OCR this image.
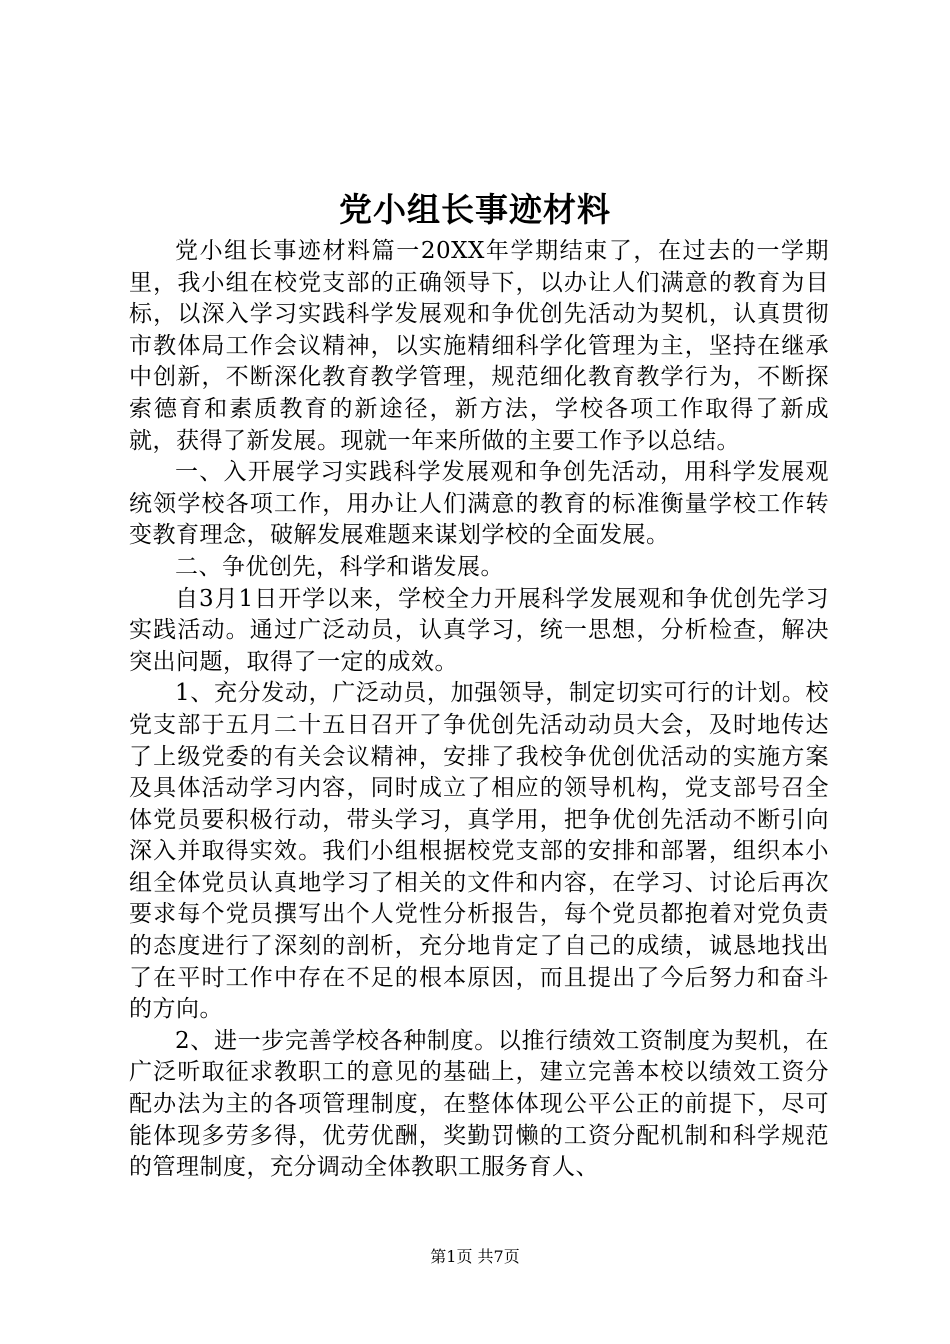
党小组长事迹材料

党小组长事迹材料篇一20XX年学期结束了，在过去的一学期里，我小组在校党支部的正确领导下，以办让人们满意的教育为目标，以深入学习实践科学发展观和争优创先活动为契机，认真贯彻市教体局工作会议精神，以实施精细科学化管理为主，坚持在继承中创新，不断深化教育教学管理，规范细化教育教学行为，不断探索德育和素质教育的新途径，新方法，学校各项工作取得了新成就，获得了新发展。现就一年来所做的主要工作予以总结。

一、入开展学习实践科学发展观和争创先活动，用科学发展观统领学校各项工作，用办让人们满意的教育的标准衡量学校工作转变教育理念，破解发展难题来谋划学校的全面发展。

二、争优创先，科学和谐发展。

自3月1日开学以来，学校全力开展科学发展观和争优创先学习实践活动。通过广泛动员，认真学习，统一思想，分析检查，解决突出问题，取得了一定的成效。

1、充分发动，广泛动员，加强领导，制定切实可行的计划。校党支部于五月二十五日召开了争优创先活动动员大会，及时地传达了上级党委的有关会议精神，安排了我校争优创优活动的实施方案及具体活动学习内容，同时成立了相应的领导机构，党支部号召全体党员要积极行动，带头学习，真学用，把争优创先活动不断引向深入并取得实效。我们小组根据校党支部的安排和部署，组织本小组全体党员认真地学习了相关的文件和内容，在学习、讨论后再次要求每个党员撰写出个人党性分析报告，每个党员都抱着对党负责的态度进行了深刻的剖析，充分地肯定了自己的成绩，诚恳地找出了在平时工作中存在不足的根本原因，而且提出了今后努力和奋斗的方向。

2、进一步完善学校各种制度。以推行绩效工资制度为契机，在广泛听取征求教职工的意见的基础上，建立完善本校以绩效工资分配办法为主的各项管理制度，在整体体现公平公正的前提下，尽可能体现多劳多得，优劳优酬，奖勤罚懒的工资分配机制和科学规范的管理制度，充分调动全体教职工服务育人、

第1页 共7页
